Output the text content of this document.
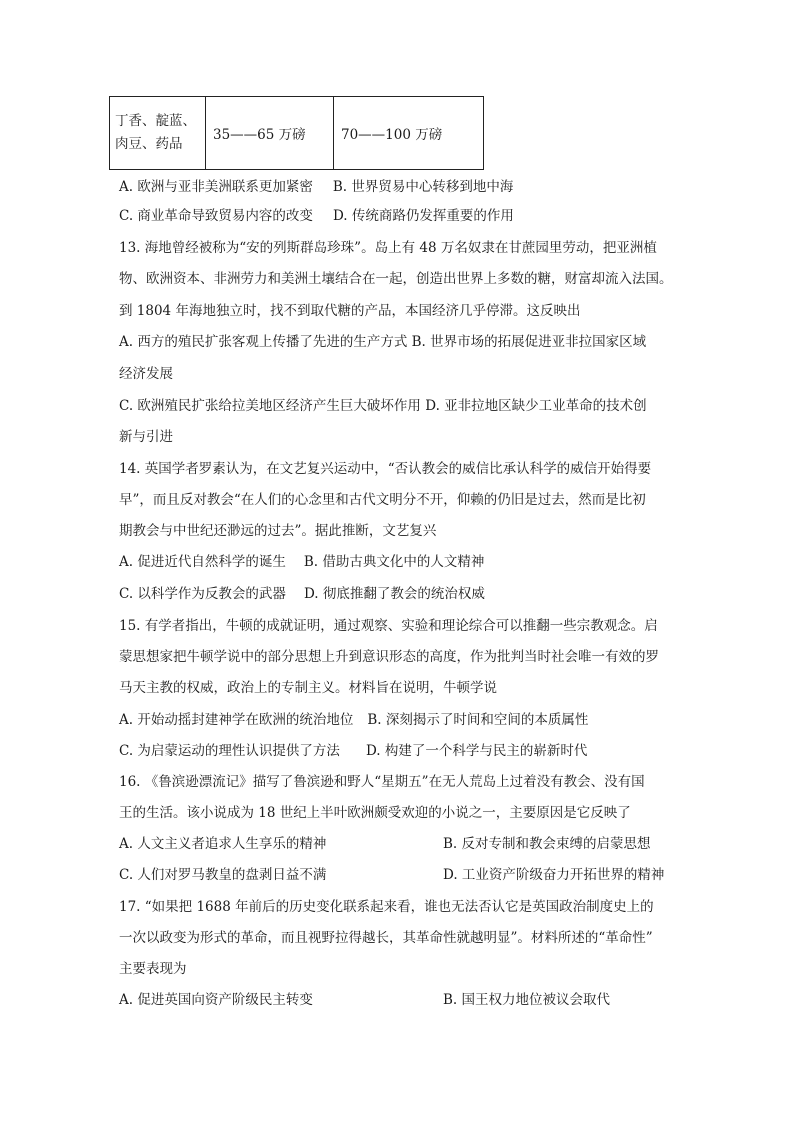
丁香、靛蓝、
肉豆、药品
	35——65 万磅	70——100 万磅
A. 欧洲与亚非美洲联系更加紧密 B. 世界贸易中心转移到地中海
C. 商业革命导致贸易内容的改变 D. 传统商路仍发挥重要的作用
13. 海地曾经被称为“安的列斯群岛珍珠”。岛上有 48 万名奴隶在甘蔗园里劳动，把亚洲植
物、欧洲资本、非洲劳力和美洲土壤结合在一起，创造出世界上多数的糖，财富却流入法国。
到 1804 年海地独立时，找不到取代糖的产品，本国经济几乎停滞。这反映出
A. 西方的殖民扩张客观上传播了先进的生产方式 B. 世界市场的拓展促进亚非拉国家区域
经济发展
C. 欧洲殖民扩张给拉美地区经济产生巨大破坏作用 D. 亚非拉地区缺少工业革命的技术创
新与引进
14. 英国学者罗素认为，在文艺复兴运动中，“否认教会的威信比承认科学的威信开始得要
早”，而且反对教会“在人们的心念里和古代文明分不开，仰赖的仍旧是过去，然而是比初
期教会与中世纪还渺远的过去”。据此推断，文艺复兴
A. 促进近代自然科学的诞生 B. 借助古典文化中的人文精神
C. 以科学作为反教会的武器 D. 彻底推翻了教会的统治权威
15. 有学者指出，牛顿的成就证明，通过观察、实验和理论综合可以推翻一些宗教观念。启
蒙思想家把牛顿学说中的部分思想上升到意识形态的高度，作为批判当时社会唯一有效的罗
马天主教的权威，政治上的专制主义。材料旨在说明，牛顿学说
A. 开始动摇封建神学在欧洲的统治地位 B. 深刻揭示了时间和空间的本质属性
C. 为启蒙运动的理性认识提供了方法 D. 构建了一个科学与民主的崭新时代
16. 《鲁滨逊漂流记》描写了鲁滨逊和野人“星期五”在无人荒岛上过着没有教会、没有国
王的生活。该小说成为 18 世纪上半叶欧洲颇受欢迎的小说之一，主要原因是它反映了
A. 人文主义者追求人生享乐的精神	B. 反对专制和教会束缚的启蒙思想
C. 人们对罗马教皇的盘剥日益不满	D. 工业资产阶级奋力开拓世界的精神
17. “如果把 1688 年前后的历史变化联系起来看，谁也无法否认它是英国政治制度史上的
一次以政变为形式的革命，而且视野拉得越长，其革命性就越明显”。材料所述的“革命性”
主要表现为
A. 促进英国向资产阶级民主转变	B. 国王权力地位被议会取代
